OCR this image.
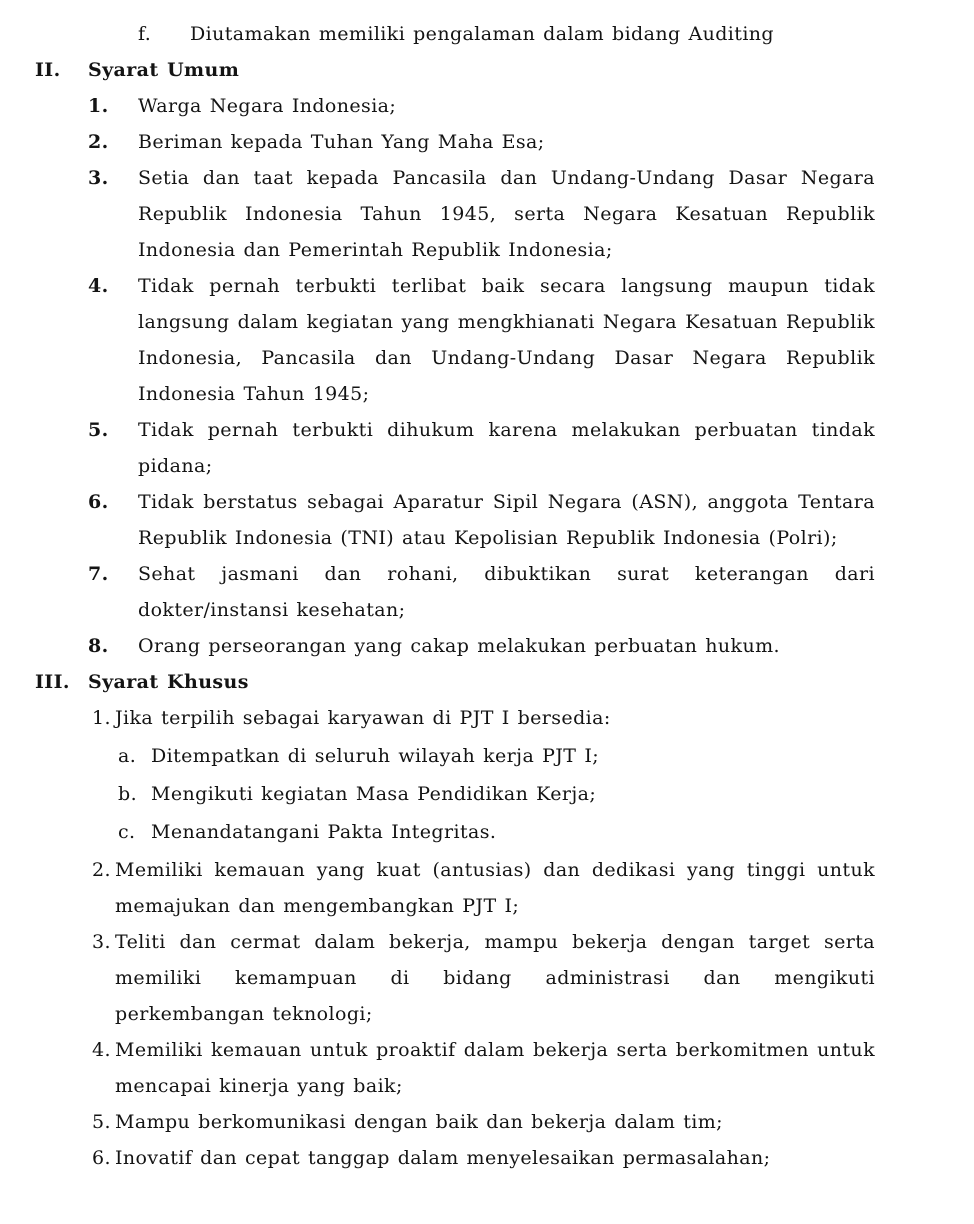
f.	Diutamakan memiliki pengalaman dalam bidang Auditing
II.	Syarat Umum
1.	Warga Negara Indonesia;
2.	Beriman kepada Tuhan Yang Maha Esa;
3.	Setia dan taat kepada Pancasila dan Undang-Undang Dasar Negara Republik Indonesia Tahun 1945, serta Negara Kesatuan Republik Indonesia dan Pemerintah Republik Indonesia;
4.	Tidak pernah terbukti terlibat baik secara langsung maupun tidak langsung dalam kegiatan yang mengkhianati Negara Kesatuan Republik Indonesia, Pancasila dan Undang-Undang Dasar Negara Republik Indonesia Tahun 1945;
5.	Tidak pernah terbukti dihukum karena melakukan perbuatan tindak pidana;
6.	Tidak berstatus sebagai Aparatur Sipil Negara (ASN), anggota Tentara Republik Indonesia (TNI) atau Kepolisian Republik Indonesia (Polri);
7.	Sehat jasmani dan rohani, dibuktikan surat keterangan dari dokter/instansi kesehatan;
8.	Orang perseorangan yang cakap melakukan perbuatan hukum.
III. Syarat Khusus
1. Jika terpilih sebagai karyawan di PJT I bersedia:
a. Ditempatkan di seluruh wilayah kerja PJT I;
b. Mengikuti kegiatan Masa Pendidikan Kerja;
c. Menandatangani Pakta Integritas.
2. Memiliki kemauan yang kuat (antusias) dan dedikasi yang tinggi untuk memajukan dan mengembangkan PJT I;
3. Teliti dan cermat dalam bekerja, mampu bekerja dengan target serta memiliki kemampuan di bidang administrasi dan mengikuti perkembangan teknologi;
4. Memiliki kemauan untuk proaktif dalam bekerja serta berkomitmen untuk mencapai kinerja yang baik;
5. Mampu berkomunikasi dengan baik dan bekerja dalam tim;
6. Inovatif dan cepat tanggap dalam menyelesaikan permasalahan;
